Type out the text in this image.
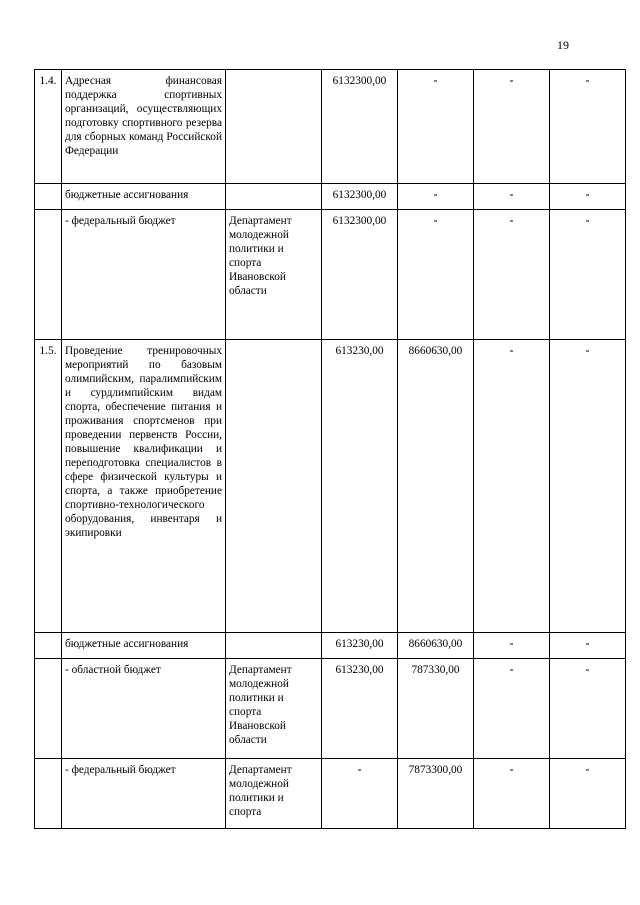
19
1.4.	Адресная финансовая поддержка спортивных организаций, осуществляющих подготовку спортивного резерва для сборных команд Российской Федерации		6132300,00	-	-	-
	бюджетные ассигнования		6132300,00	-	-	-
	- федеральный бюджет	Департамент молодежной политики и спорта Ивановской области	6132300,00	-	-	-
1.5.	Проведение тренировочных мероприятий по базовым олимпийским, паралимпийским и сурдлимпийским видам спорта, обеспечение питания и проживания спортсменов при проведении первенств России, повышение квалификации и переподготовка специалистов в сфере физической культуры и спорта, а также приобретение спортивно-технологического оборудования, инвентаря и экипировки		613230,00	8660630,00	-	-
	бюджетные ассигнования		613230,00	8660630,00	-	-
	- областной бюджет	Департамент молодежной политики и спорта Ивановской области	613230,00	787330,00	-	-
	- федеральный бюджет	Департамент молодежной политики и спорта	-	7873300,00	-	-
